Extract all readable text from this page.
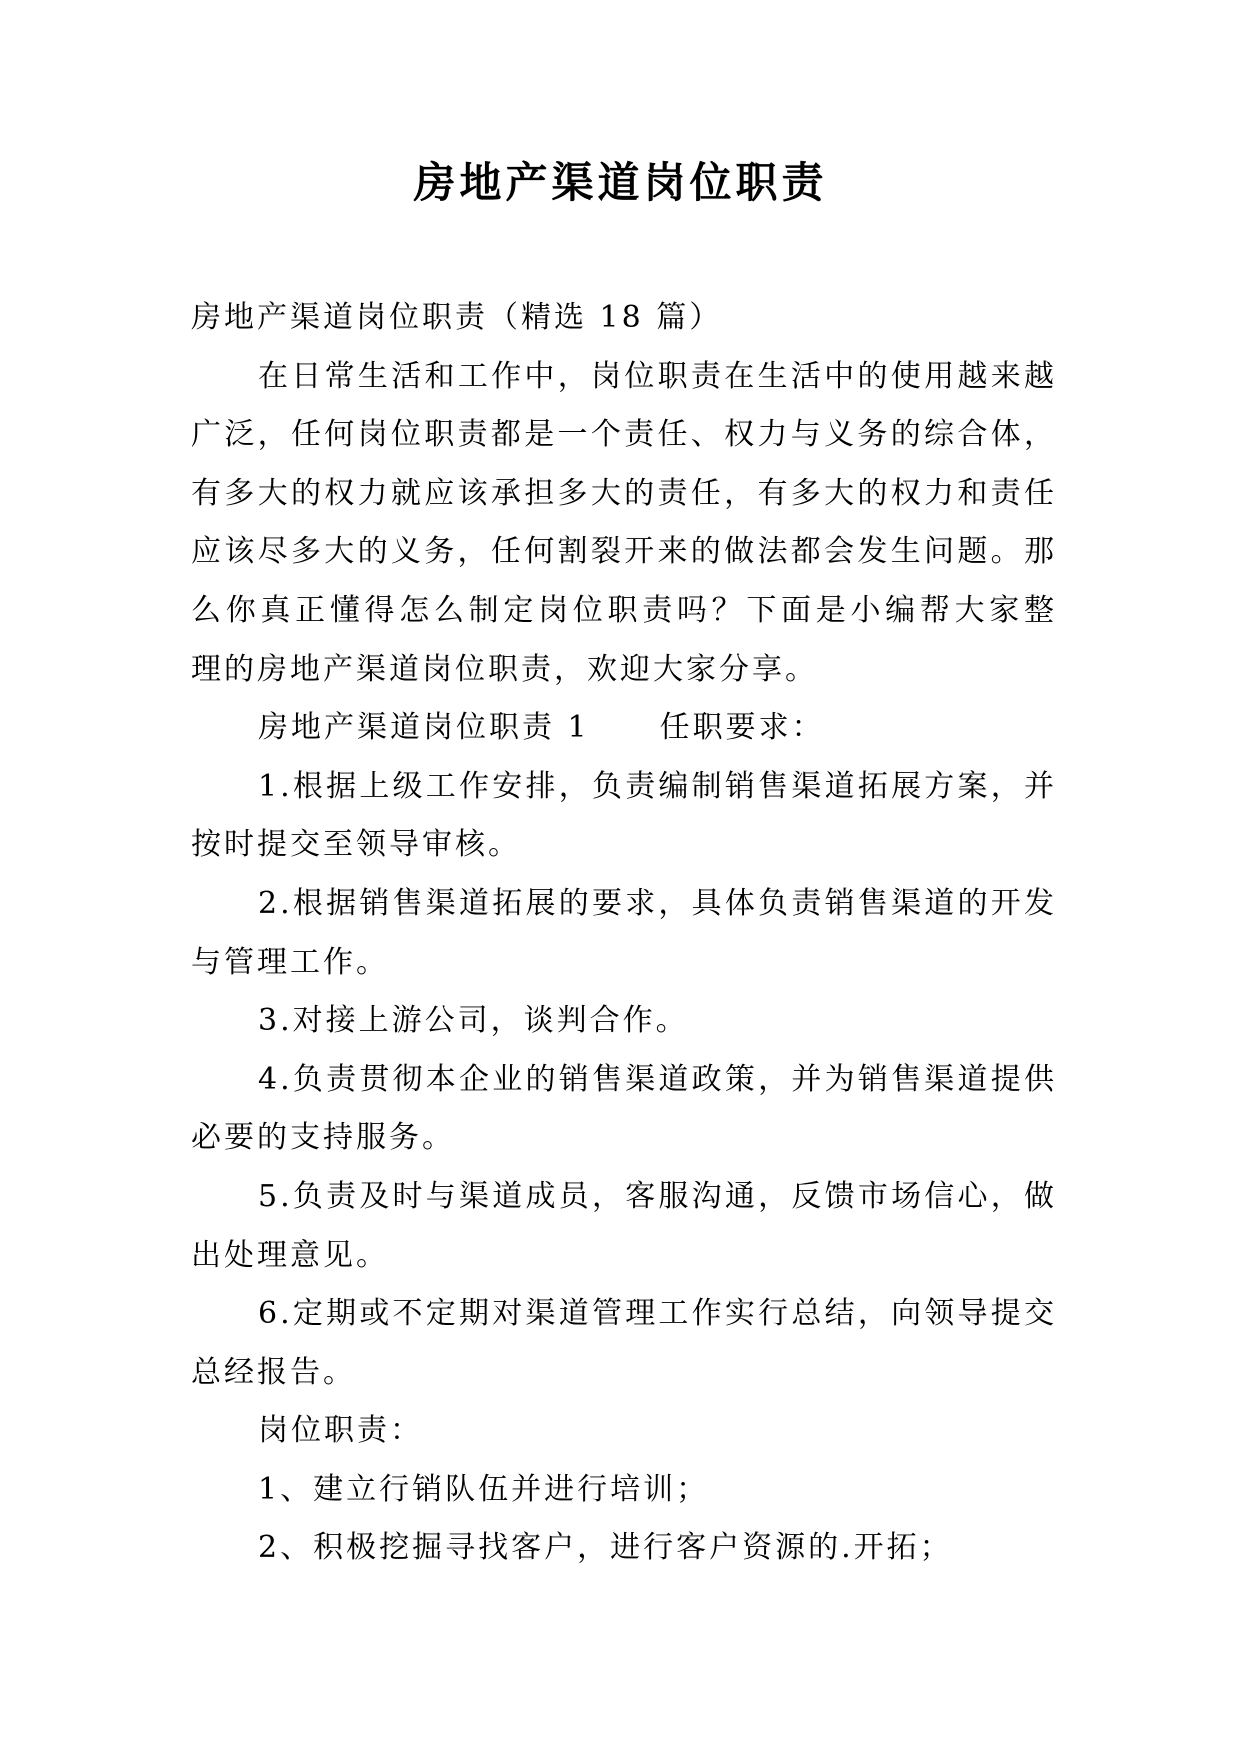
房地产渠道岗位职责
房地产渠道岗位职责（精选 18 篇）
在日常生活和工作中，岗位职责在生活中的使用越来越
广泛，任何岗位职责都是一个责任、权力与义务的综合体，
有多大的权力就应该承担多大的责任，有多大的权力和责任
应该尽多大的义务，任何割裂开来的做法都会发生问题。那
么你真正懂得怎么制定岗位职责吗？下面是小编帮大家整
理的房地产渠道岗位职责，欢迎大家分享。
房地产渠道岗位职责 1 任职要求：
1.根据上级工作安排，负责编制销售渠道拓展方案，并
按时提交至领导审核。
2.根据销售渠道拓展的要求，具体负责销售渠道的开发
与管理工作。
3.对接上游公司，谈判合作。
4.负责贯彻本企业的销售渠道政策，并为销售渠道提供
必要的支持服务。
5.负责及时与渠道成员，客服沟通，反馈市场信心，做
出处理意见。
6.定期或不定期对渠道管理工作实行总结，向领导提交
总经报告。
岗位职责：
1、建立行销队伍并进行培训；
2、积极挖掘寻找客户，进行客户资源的.开拓；
